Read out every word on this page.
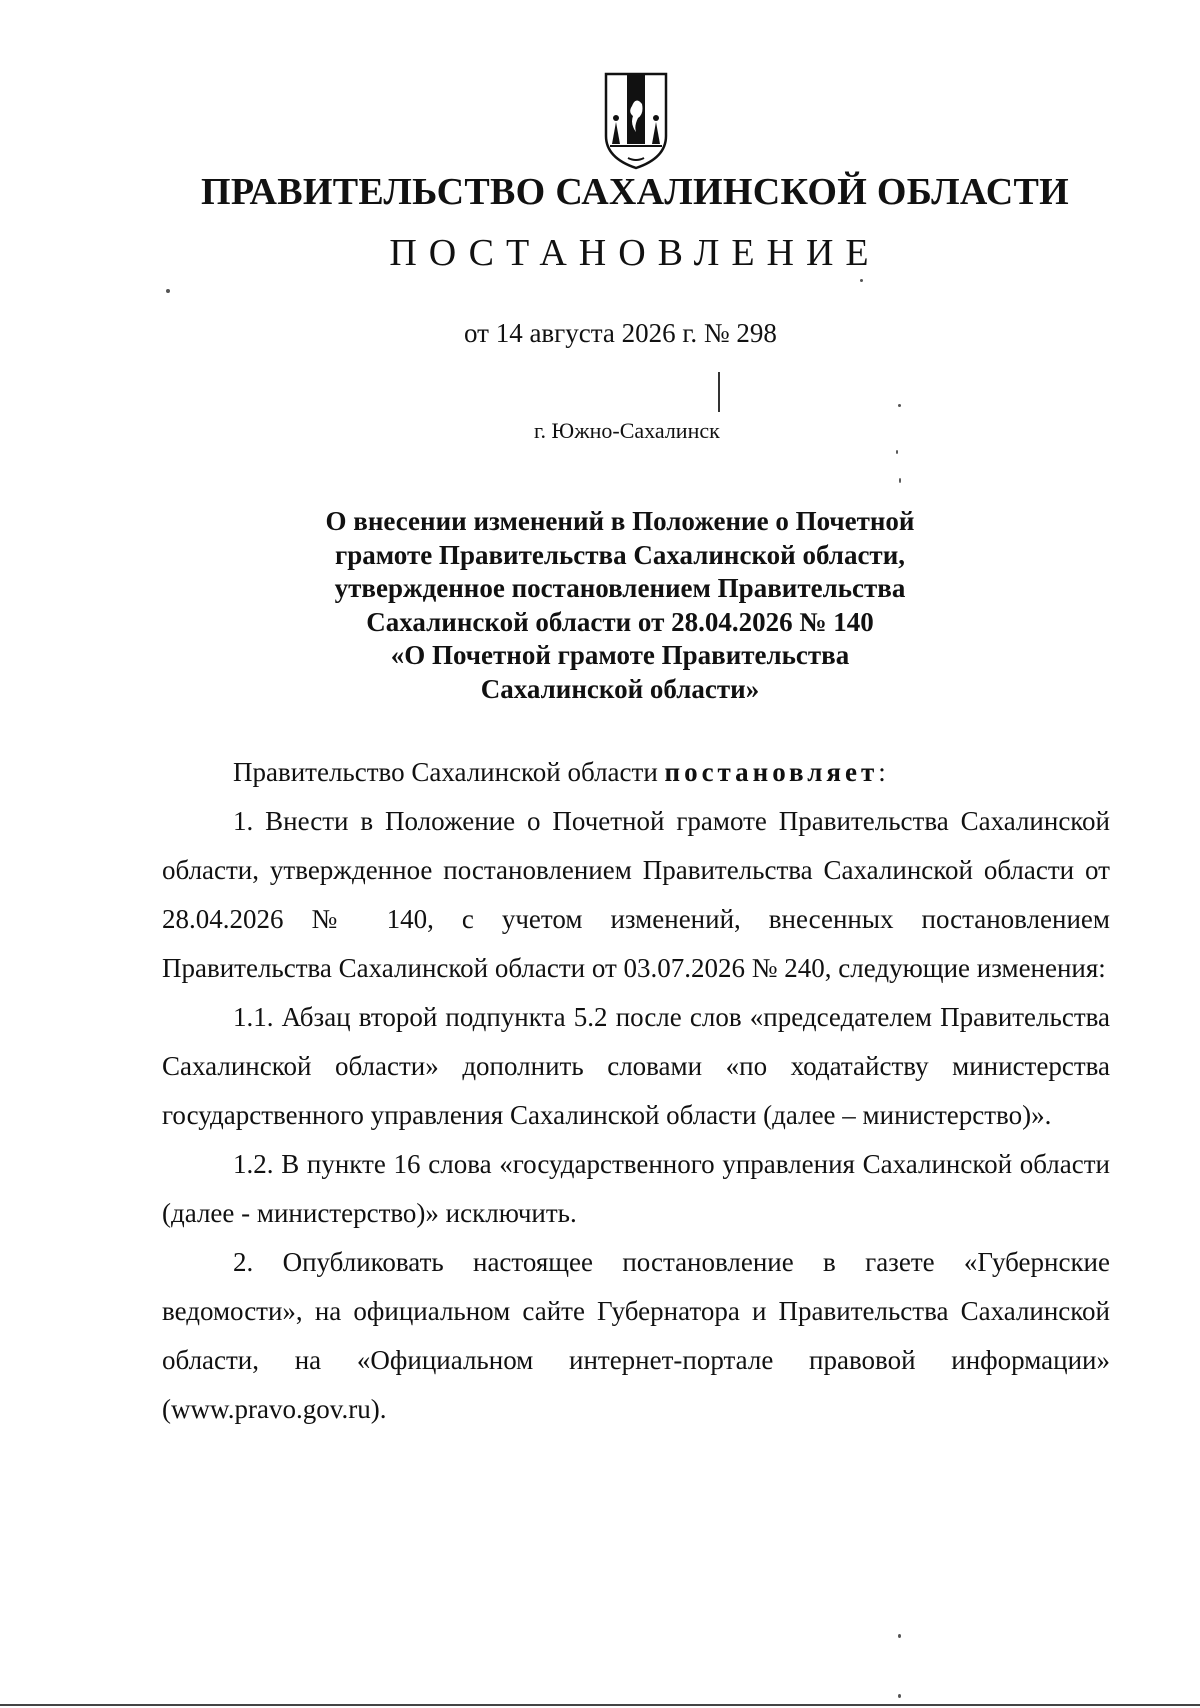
ПРАВИТЕЛЬСТВО САХАЛИНСКОЙ ОБЛАСТИ
ПОСТАНОВЛЕНИЕ
от 14 августа 2026 г. № 298
г. Южно-Сахалинск
О внесении изменений в Положение о Почетной
грамоте Правительства Сахалинской области,
утвержденное постановлением Правительства
Сахалинской области от 28.04.2026 № 140
«О Почетной грамоте Правительства
Сахалинской области»

Правительство Сахалинской области постановляет:

1. Внести в Положение о Почетной грамоте Правительства Сахалинской области, утвержденное постановлением Правительства Сахалинской области от 28.04.2026 № 140, с учетом изменений, внесенных постановлением Правительства Сахалинской области от 03.07.2026 № 240, следующие изменения:

1.1. Абзац второй подпункта 5.2 после слов «председателем Правительства Сахалинской области» дополнить словами «по ходатайству министерства государственного управления Сахалинской области (далее – министерство)».

1.2. В пункте 16 слова «государственного управления Сахалинской области (далее - министерство)» исключить.

2. Опубликовать настоящее постановление в газете «Губернские ведомости», на официальном сайте Губернатора и Правительства Сахалинской области, на «Официальном интернет-портале правовой информации» (www.pravo.gov.ru).
